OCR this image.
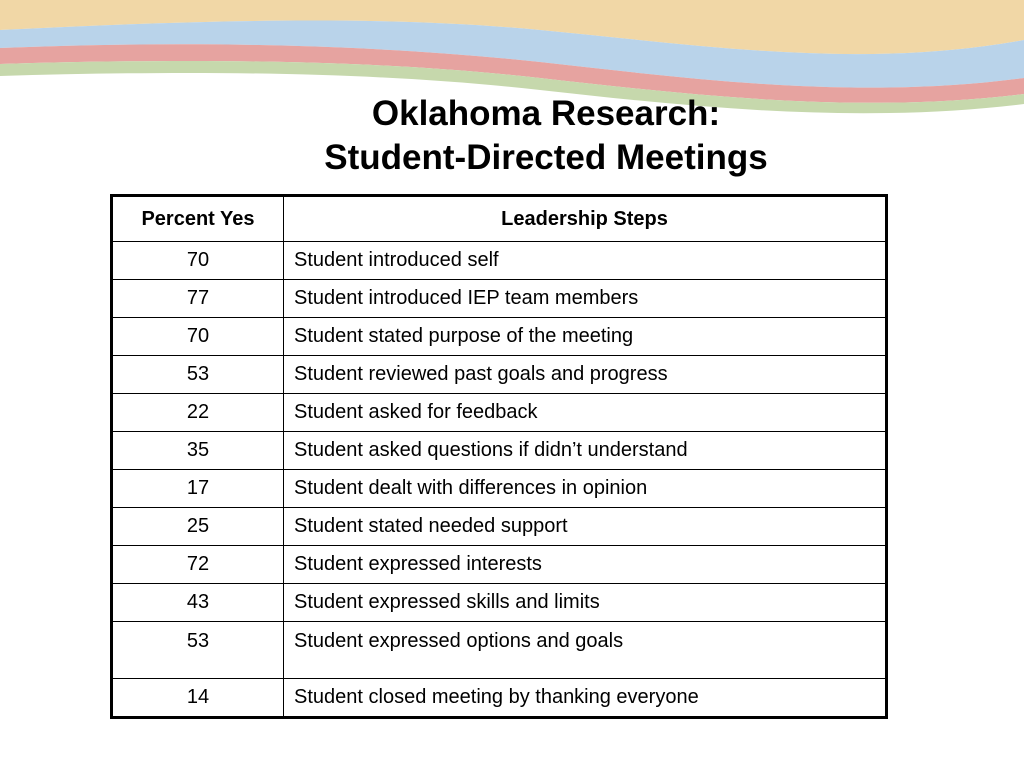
Oklahoma Research:
Student-Directed Meetings
Percent Yes	Leadership Steps
70	Student introduced self
77	Student introduced IEP team members
70	Student stated purpose of the meeting
53	Student reviewed past goals and progress
22	Student asked for feedback
35	Student asked questions if didn’t understand
17	Student dealt with differences in opinion
25	Student stated needed support
72	Student expressed interests
43	Student expressed skills and limits
53	Student expressed options and goals
14	Student closed meeting by thanking everyone
